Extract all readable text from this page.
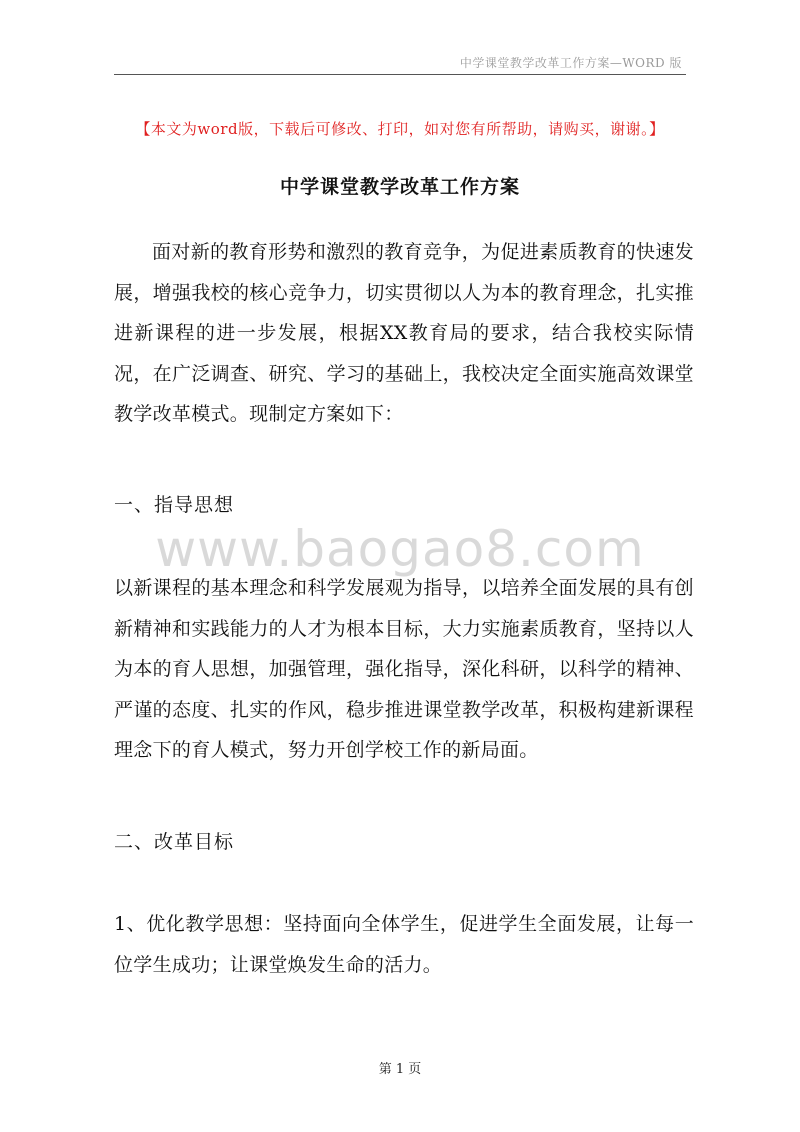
中学课堂教学改革工作方案—WORD 版
【本文为word版，下载后可修改、打印，如对您有所帮助，请购买，谢谢。】
中学课堂教学改革工作方案
面对新的教育形势和激烈的教育竞争，为促进素质教育的快速发展，增强我校的核心竞争力，切实贯彻以人为本的教育理念，扎实推进新课程的进一步发展，根据XX教育局的要求，结合我校实际情况，在广泛调查、研究、学习的基础上，我校决定全面实施高效课堂教学改革模式。现制定方案如下：
一、指导思想
www.baogao8.com
以新课程的基本理念和科学发展观为指导，以培养全面发展的具有创新精神和实践能力的人才为根本目标，大力实施素质教育，坚持以人为本的育人思想，加强管理，强化指导，深化科研，以科学的精神、严谨的态度、扎实的作风，稳步推进课堂教学改革，积极构建新课程理念下的育人模式，努力开创学校工作的新局面。
二、改革目标
1、优化教学思想：坚持面向全体学生，促进学生全面发展，让每一位学生成功；让课堂焕发生命的活力。
第 1 页
